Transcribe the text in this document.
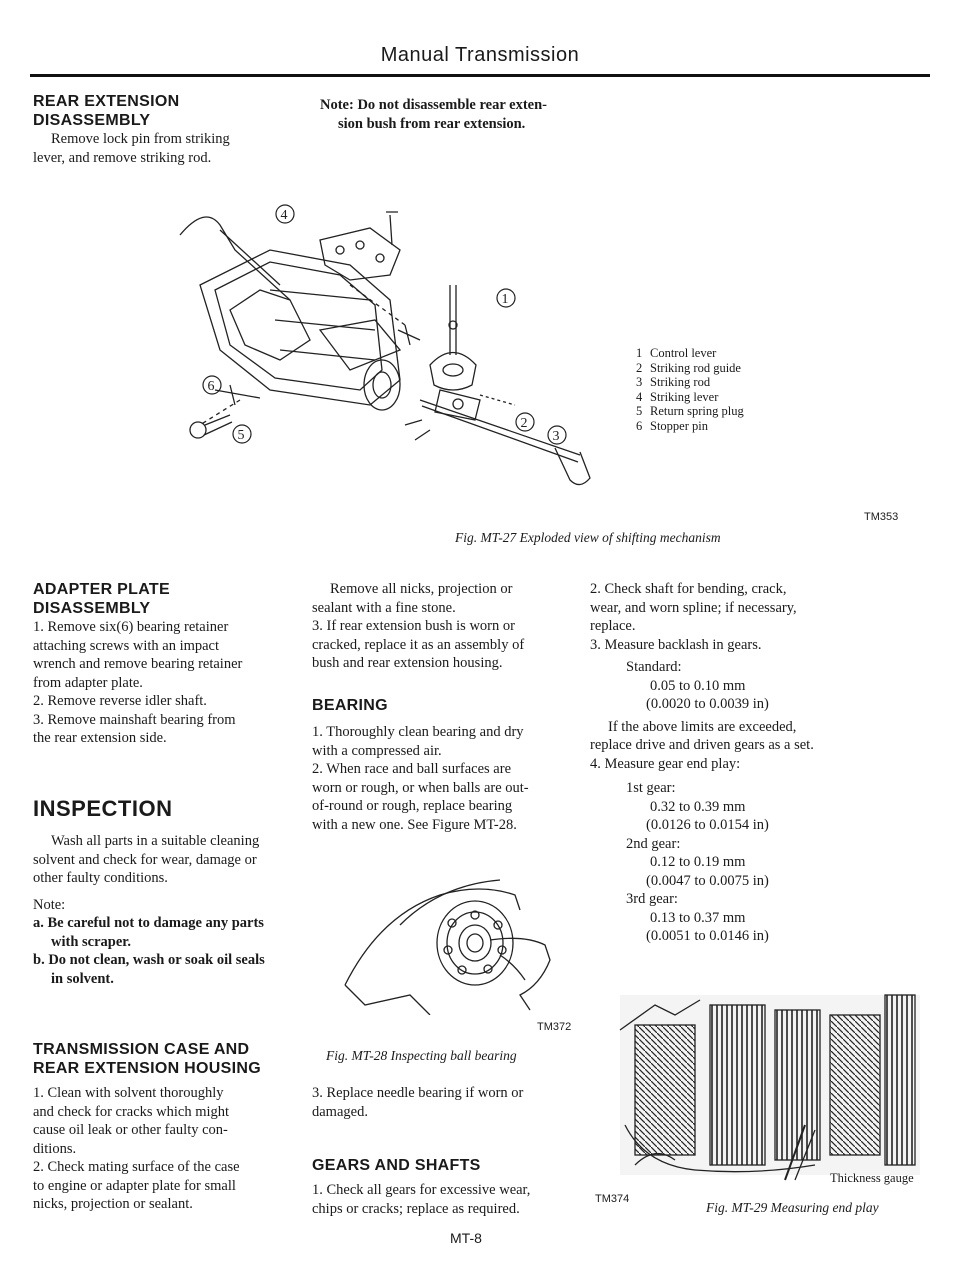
Manual Transmission
REAR EXTENSION
DISASSEMBLY

Remove lock pin from striking

lever, and remove striking rod.

Note: Do not disassemble rear exten-

sion bush from rear extension.

4
1
6
5
2
3
1 Control lever
2 Striking rod guide
3 Striking rod
4 Striking lever
5 Return spring plug
6 Stopper pin
TM353
Fig. MT-27 Exploded view of shifting mechanism
ADAPTER PLATE
DISASSEMBLY

1. Remove six(6) bearing retainer

attaching screws with an impact

wrench and remove bearing retainer

from adapter plate.

2. Remove reverse idler shaft.

3. Remove mainshaft bearing from

the rear extension side.

INSPECTION

Wash all parts in a suitable cleaning

solvent and check for wear, damage or

other faulty conditions.

Note:

a. Be careful not to damage any parts

with scraper.

b. Do not clean, wash or soak oil seals

in solvent.

TRANSMISSION CASE AND
REAR EXTENSION HOUSING

1. Clean with solvent thoroughly

and check for cracks which might

cause oil leak or other faulty con-

ditions.

2. Check mating surface of the case

to engine or adapter plate for small

nicks, projection or sealant.

Remove all nicks, projection or

sealant with a fine stone.

3. If rear extension bush is worn or

cracked, replace it as an assembly of

bush and rear extension housing.

BEARING

1. Thoroughly clean bearing and dry

with a compressed air.

2. When race and ball surfaces are

worn or rough, or when balls are out-

of-round or rough, replace bearing

with a new one. See Figure MT-28.

TM372
Fig. MT-28 Inspecting ball bearing

3. Replace needle bearing if worn or

damaged.

GEARS AND SHAFTS

1. Check all gears for excessive wear,

chips or cracks; replace as required.

MT-8

2. Check shaft for bending, crack,

wear, and worn spline; if necessary,

replace.

3. Measure backlash in gears.

Standard:

0.05 to 0.10 mm

(0.0020 to 0.0039 in)

If the above limits are exceeded,

replace drive and driven gears as a set.

4. Measure gear end play:

1st gear:

0.32 to 0.39 mm

(0.0126 to 0.0154 in)

2nd gear:

0.12 to 0.19 mm

(0.0047 to 0.0075 in)

3rd gear:

0.13 to 0.37 mm

(0.0051 to 0.0146 in)

Thickness gauge
TM374
Fig. MT-29 Measuring end play
